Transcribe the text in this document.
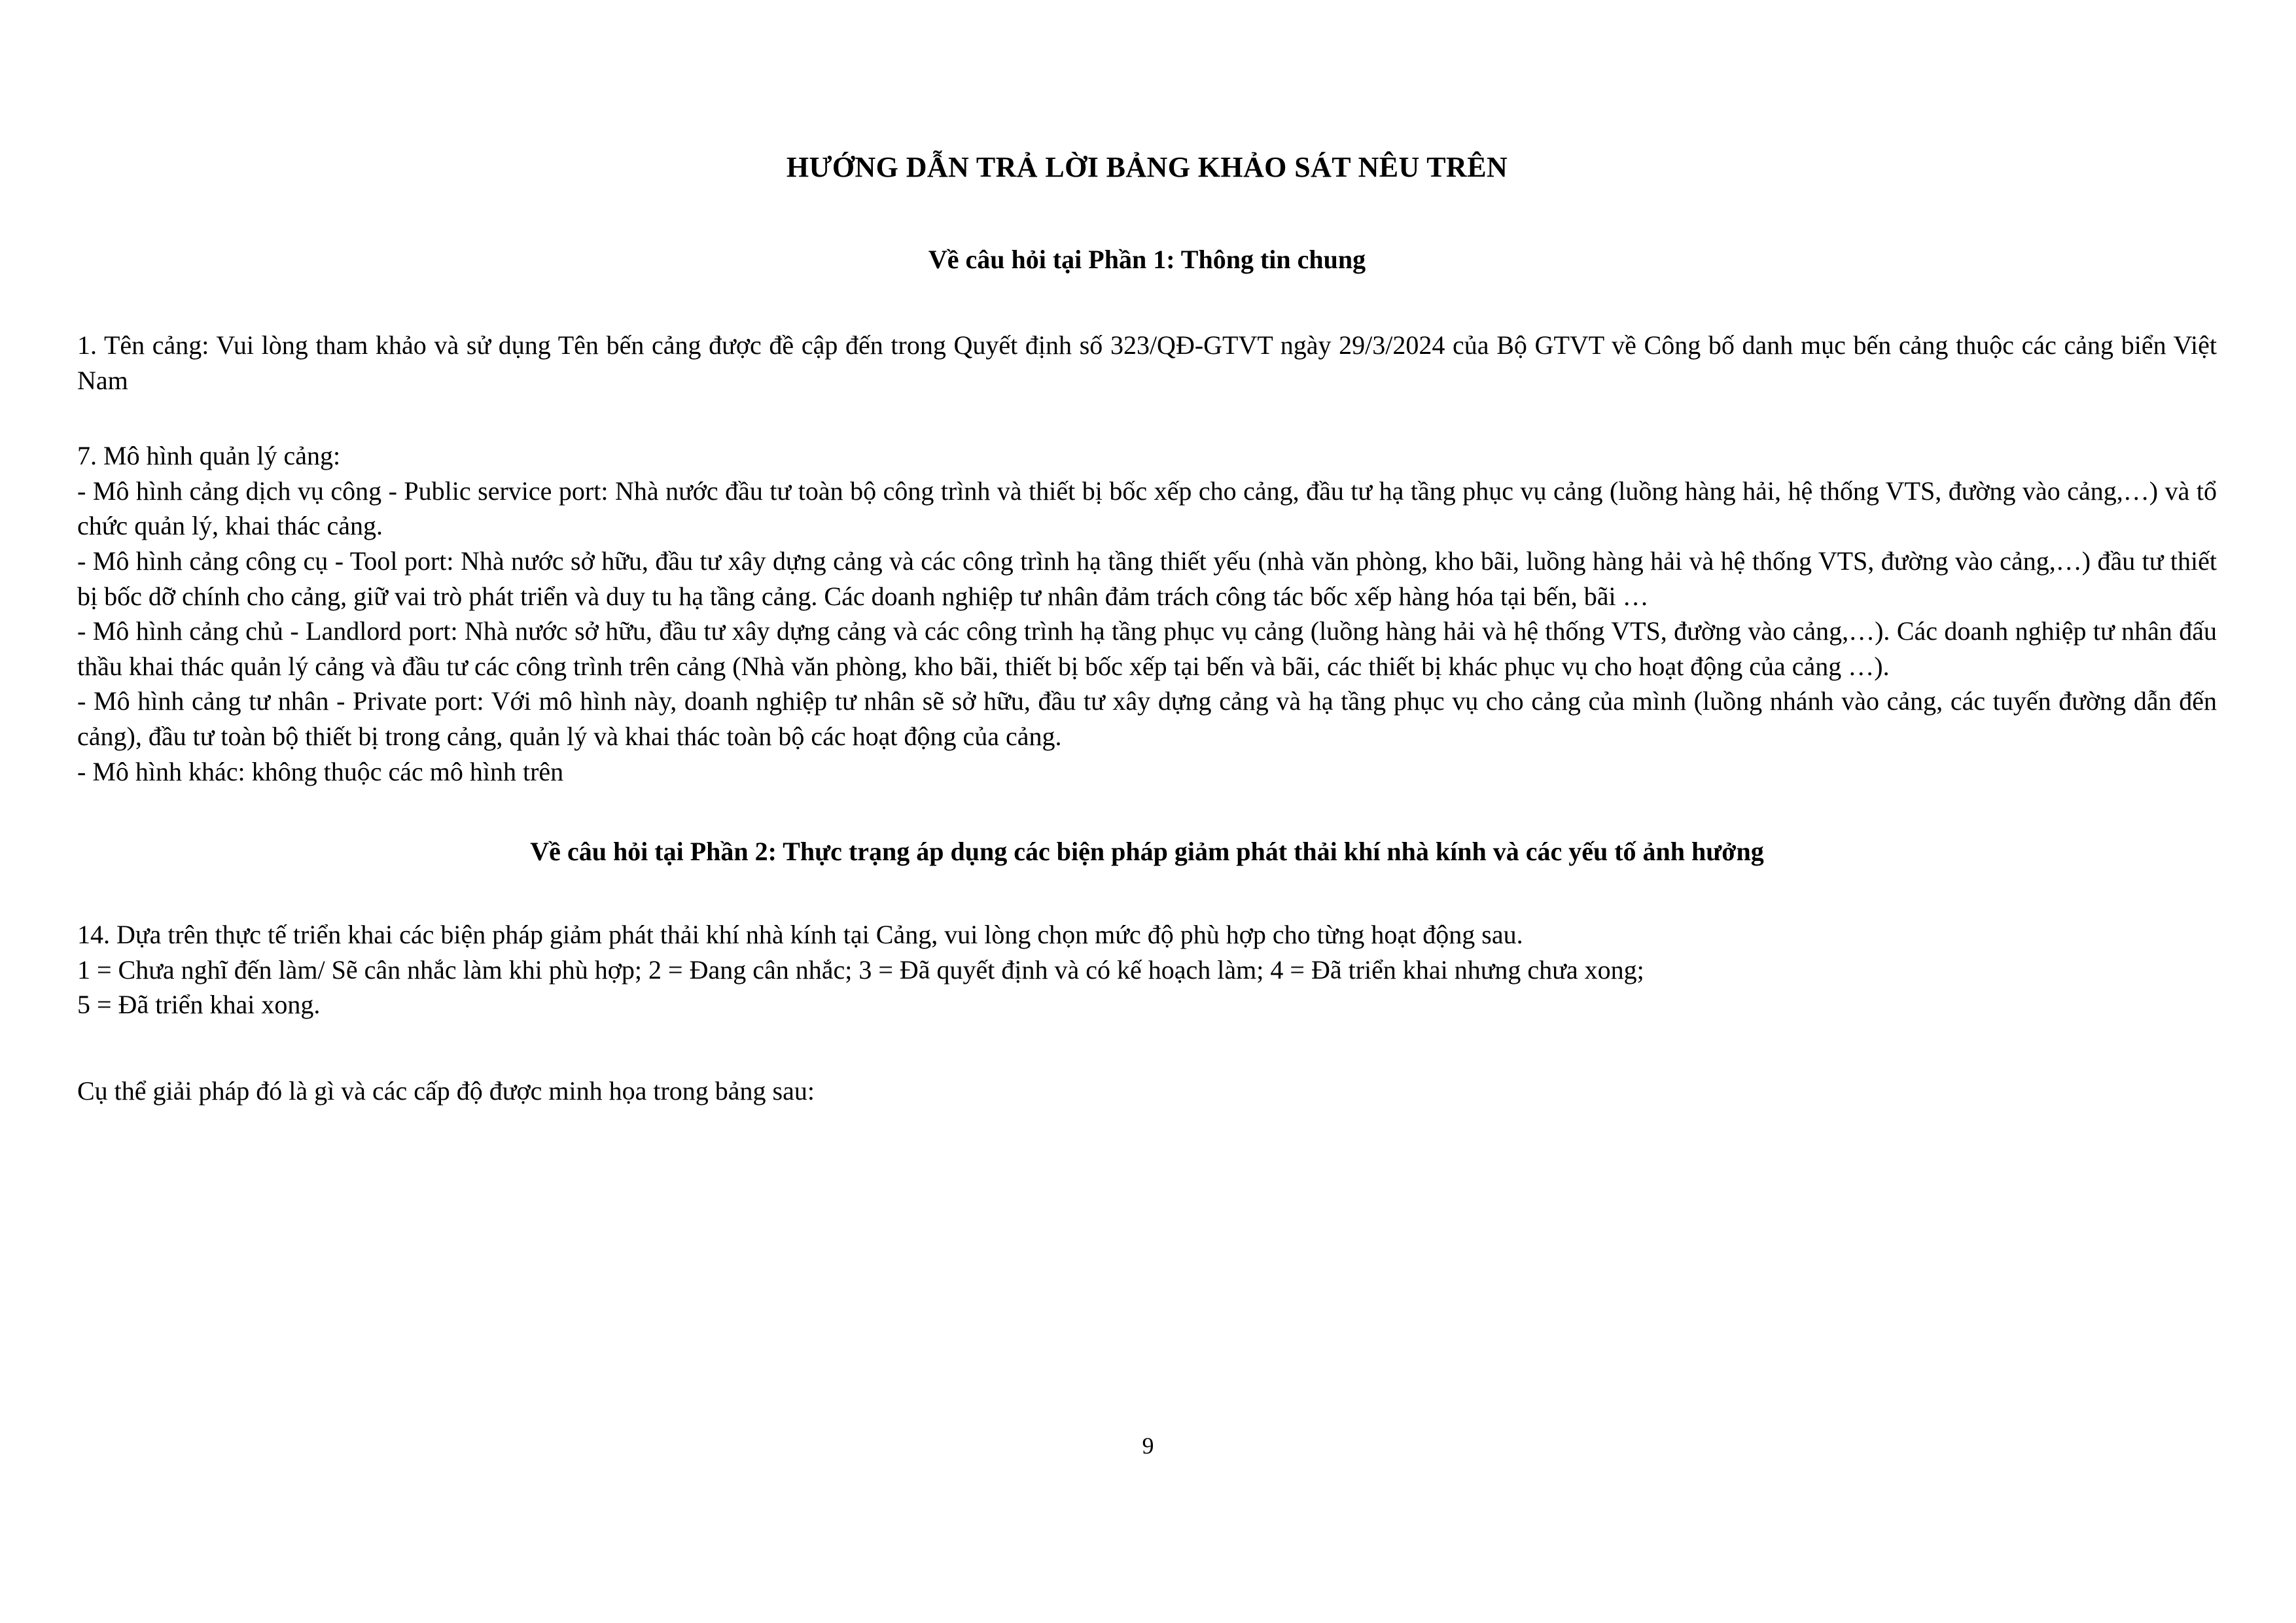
HƯỚNG DẪN TRẢ LỜI BẢNG KHẢO SÁT NÊU TRÊN
Về câu hỏi tại Phần 1: Thông tin chung

1. Tên cảng: Vui lòng tham khảo và sử dụng Tên bến cảng được đề cập đến trong Quyết định số 323/QĐ-GTVT ngày 29/3/2024 của Bộ GTVT về Công bố danh mục bến cảng thuộc các cảng biển Việt Nam

7. Mô hình quản lý cảng:

- Mô hình cảng dịch vụ công - Public service port: Nhà nước đầu tư toàn bộ công trình và thiết bị bốc xếp cho cảng, đầu tư hạ tầng phục vụ cảng (luồng hàng hải, hệ thống VTS, đường vào cảng,…) và tổ chức quản lý, khai thác cảng.

- Mô hình cảng công cụ - Tool port: Nhà nước sở hữu, đầu tư xây dựng cảng và các công trình hạ tầng thiết yếu (nhà văn phòng, kho bãi, luồng hàng hải và hệ thống VTS, đường vào cảng,…) đầu tư thiết bị bốc dỡ chính cho cảng, giữ vai trò phát triển và duy tu hạ tầng cảng. Các doanh nghiệp tư nhân đảm trách công tác bốc xếp hàng hóa tại bến, bãi …

- Mô hình cảng chủ - Landlord port: Nhà nước sở hữu, đầu tư xây dựng cảng và các công trình hạ tầng phục vụ cảng (luồng hàng hải và hệ thống VTS, đường vào cảng,…). Các doanh nghiệp tư nhân đấu thầu khai thác quản lý cảng và đầu tư các công trình trên cảng (Nhà văn phòng, kho bãi, thiết bị bốc xếp tại bến và bãi, các thiết bị khác phục vụ cho hoạt động của cảng …).

- Mô hình cảng tư nhân - Private port: Với mô hình này, doanh nghiệp tư nhân sẽ sở hữu, đầu tư xây dựng cảng và hạ tầng phục vụ cho cảng của mình (luồng nhánh vào cảng, các tuyến đường dẫn đến cảng), đầu tư toàn bộ thiết bị trong cảng, quản lý và khai thác toàn bộ các hoạt động của cảng.

- Mô hình khác: không thuộc các mô hình trên

Về câu hỏi tại Phần 2: Thực trạng áp dụng các biện pháp giảm phát thải khí nhà kính và các yếu tố ảnh hưởng

14. Dựa trên thực tế triển khai các biện pháp giảm phát thải khí nhà kính tại Cảng, vui lòng chọn mức độ phù hợp cho từng hoạt động sau.

1 = Chưa nghĩ đến làm/ Sẽ cân nhắc làm khi phù hợp; 2 = Đang cân nhắc; 3 = Đã quyết định và có kế hoạch làm; 4 = Đã triển khai nhưng chưa xong;

5 = Đã triển khai xong.

Cụ thể giải pháp đó là gì và các cấp độ được minh họa trong bảng sau:

9
